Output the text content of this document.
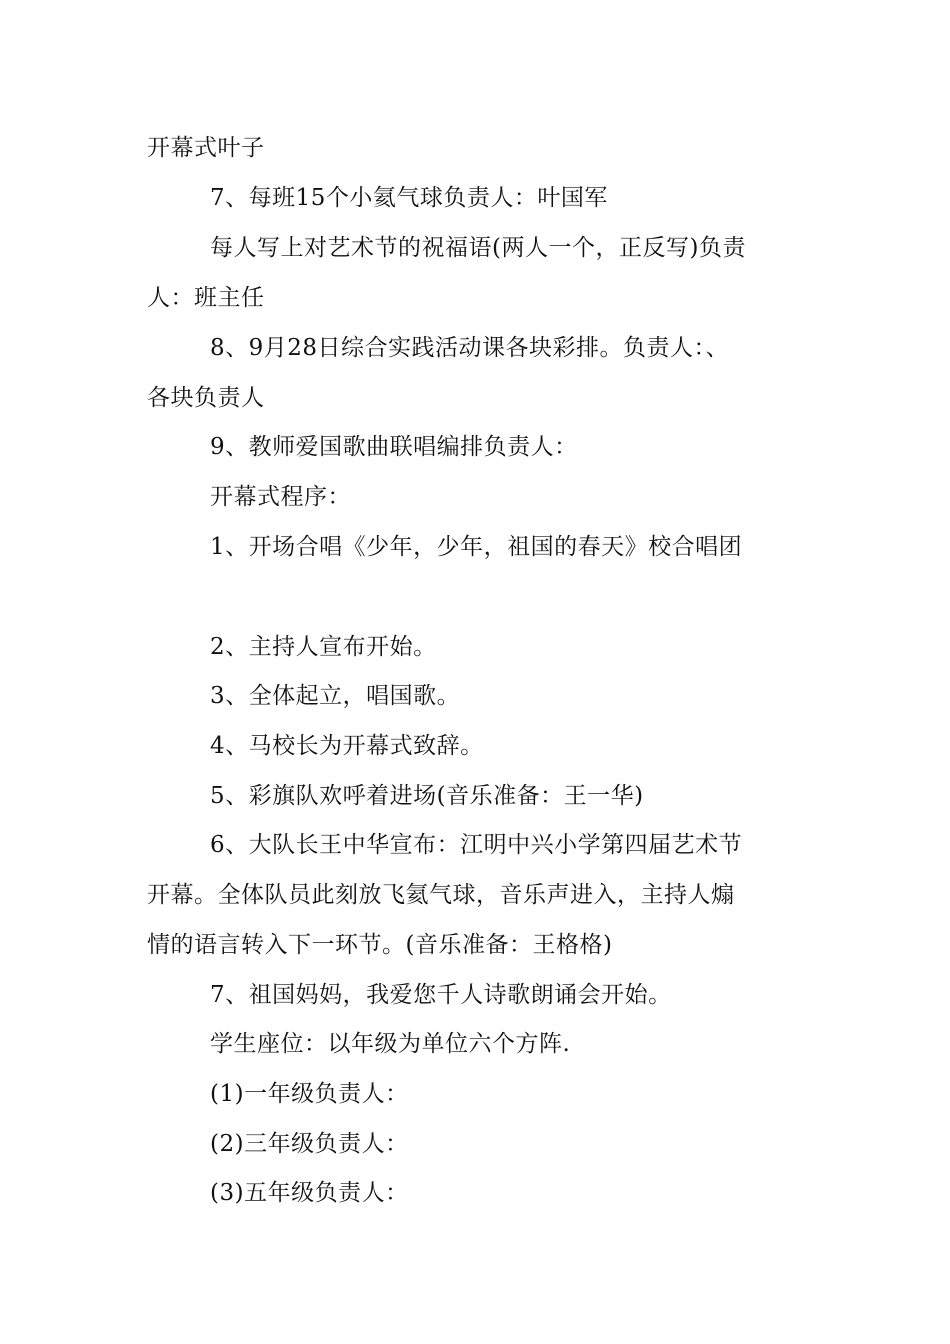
开幕式叶子
7、每班15个小氦气球负责人：叶国军
每人写上对艺术节的祝福语(两人一个，正反写)负责
人：班主任
8、9月28日综合实践活动课各块彩排。负责人：、
各块负责人
9、教师爱国歌曲联唱编排负责人：
开幕式程序：
1、开场合唱《少年，少年，祖国的春天》校合唱团
2、主持人宣布开始。
3、全体起立，唱国歌。
4、马校长为开幕式致辞。
5、彩旗队欢呼着进场(音乐准备：王一华)
6、大队长王中华宣布：江明中兴小学第四届艺术节
开幕。全体队员此刻放飞氦气球，音乐声进入，主持人煽
情的语言转入下一环节。(音乐准备：王格格)
7、祖国妈妈，我爱您千人诗歌朗诵会开始。
学生座位：以年级为单位六个方阵.
(1)一年级负责人：
(2)三年级负责人：
(3)五年级负责人：
